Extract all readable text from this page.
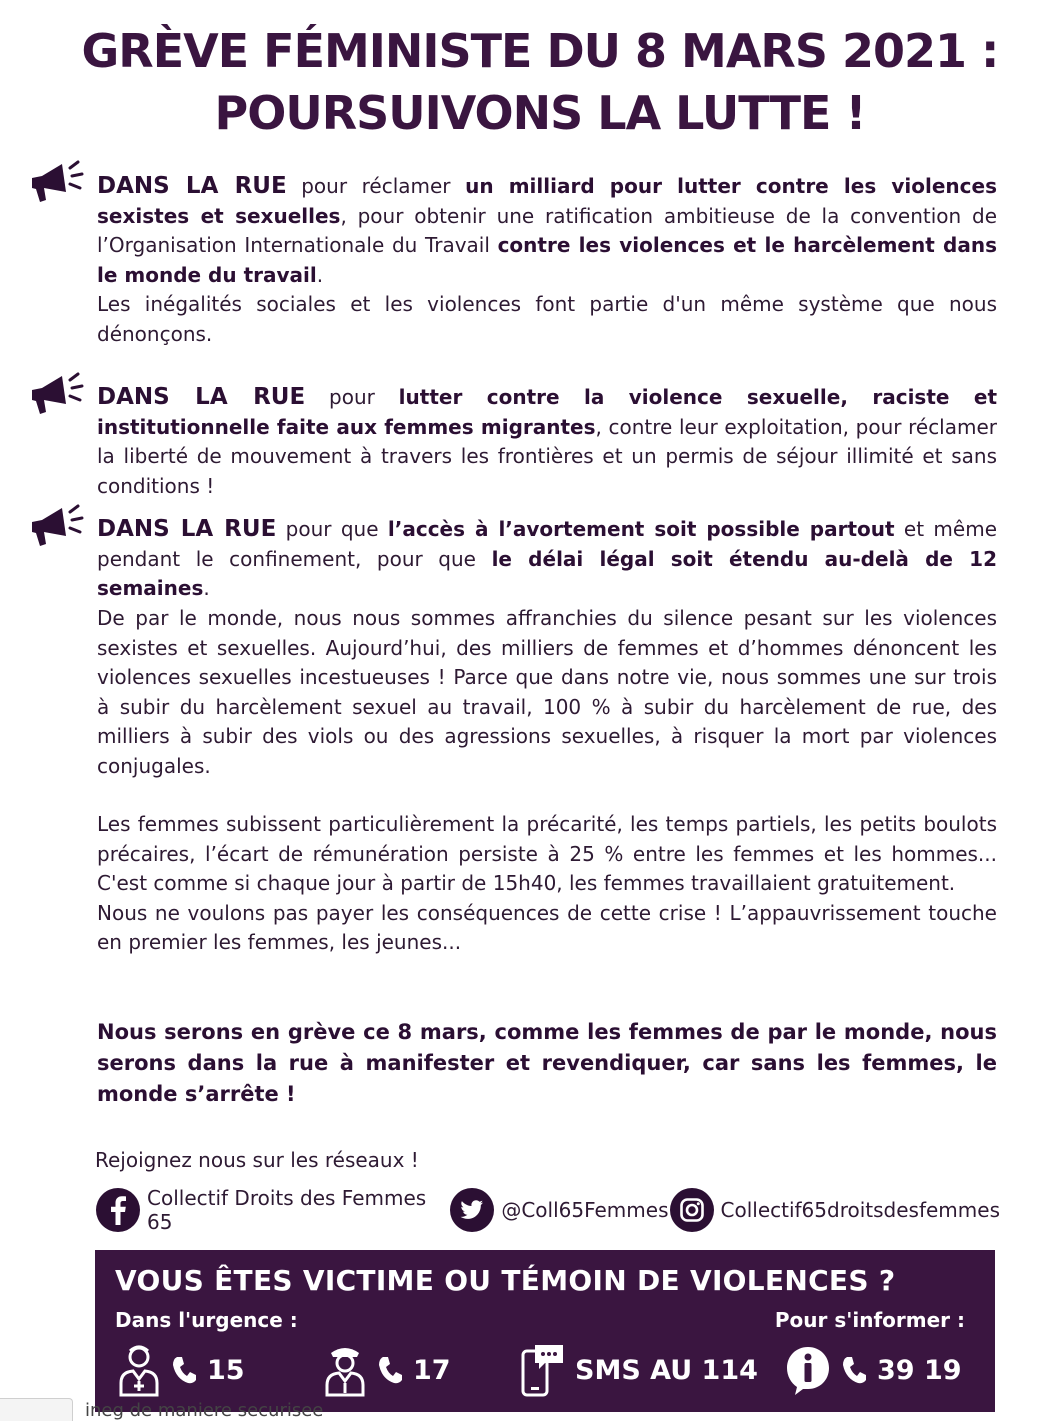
GRÈVE FÉMINISTE DU 8 MARS 2021 :
POURSUIVONS LA LUTTE !
DANS LA RUE pour réclamer un milliard pour lutter contre les violences sexistes et sexuelles, pour obtenir une ratification ambitieuse de la convention de l’Organisation Internationale du Travail contre les violences et le harcèlement dans le monde du travail.
Les inégalités sociales et les violences font partie d'un même système que nous dénonçons.
DANS LA RUE pour lutter contre la violence sexuelle, raciste et institutionnelle faite aux femmes migrantes, contre leur exploitation, pour réclamer la liberté de mouvement à travers les frontières et un permis de séjour illimité et sans conditions !
DANS LA RUE pour que l’accès à l’avortement soit possible partout et même pendant le confinement, pour que le délai légal soit étendu au-delà de 12 semaines.
De par le monde, nous nous sommes affranchies du silence pesant sur les violences sexistes et sexuelles. Aujourd’hui, des milliers de femmes et d’hommes dénoncent les violences sexuelles incestueuses ! Parce que dans notre vie, nous sommes une sur trois à subir du harcèlement sexuel au travail, 100 % à subir du harcèlement de rue, des milliers à subir des viols ou des agressions sexuelles, à risquer la mort par violences conjugales.
Les femmes subissent particulièrement la précarité, les temps partiels, les petits boulots précaires, l’écart de rémunération persiste à 25 % entre les femmes et les hommes... C'est comme si chaque jour à partir de 15h40, les femmes travaillaient gratuitement.
Nous ne voulons pas payer les conséquences de cette crise ! L’appauvrissement touche en premier les femmes, les jeunes...
Nous serons en grève ce 8 mars, comme les femmes de par le monde, nous serons dans la rue à manifester et revendiquer, car sans les femmes, le monde s’arrête !
Rejoignez nous sur les réseaux !
Collectif Droits des Femmes 65	@Coll65Femmes	Collectif65droitsdesfemmes
VOUS ÊTES VICTIME OU TÉMOIN DE VIOLENCES ?
Dans l'urgence :	Pour s'informer :
15	17	SMS AU 114	39 19
ineg de maniere securisee
